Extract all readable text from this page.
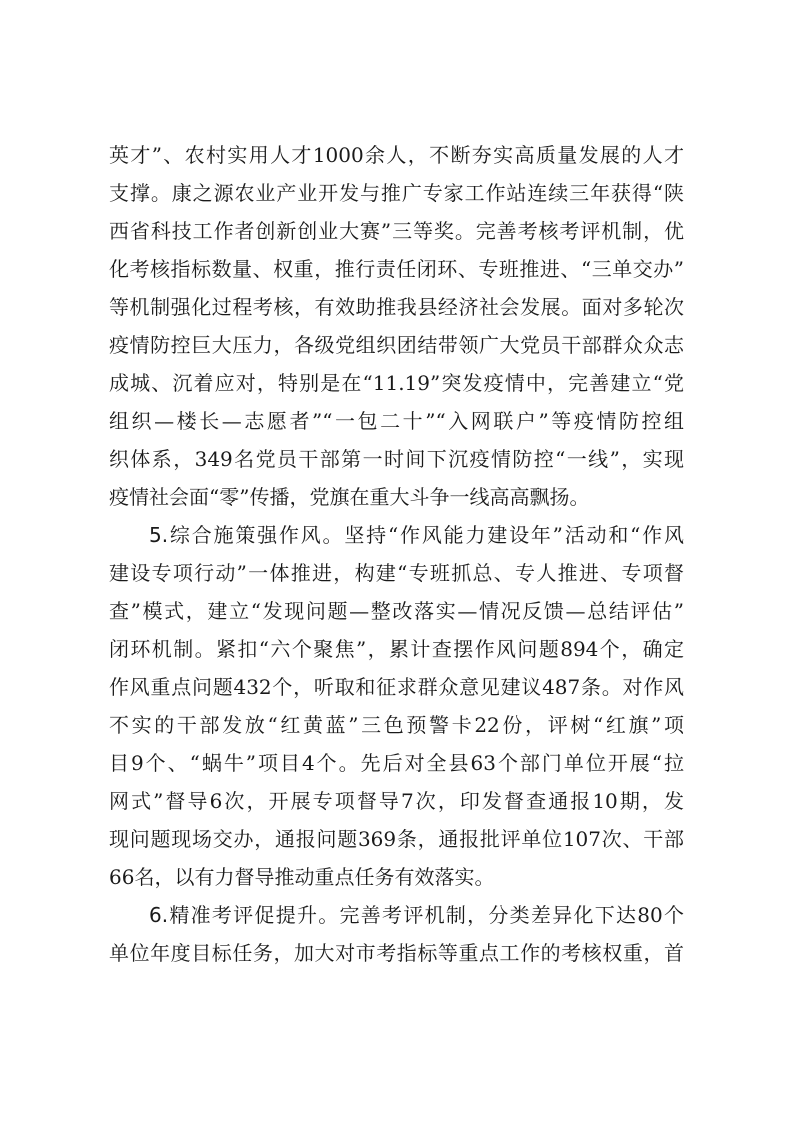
英才”、农村实用人才1000余人，不断夯实高质量发展的人才
支撑。康之源农业产业开发与推广专家工作站连续三年获得“陕
西省科技工作者创新创业大赛”三等奖。完善考核考评机制，优
化考核指标数量、权重，推行责任闭环、专班推进、“三单交办”
等机制强化过程考核，有效助推我县经济社会发展。面对多轮次
疫情防控巨大压力，各级党组织团结带领广大党员干部群众众志
成城、沉着应对，特别是在“11.19”突发疫情中，完善建立“党
组织—楼长—志愿者”“一包二十”“入网联户”等疫情防控组
织体系，349名党员干部第一时间下沉疫情防控“一线”，实现
疫情社会面“零”传播，党旗在重大斗争一线高高飘扬。
5.综合施策强作风。坚持“作风能力建设年”活动和“作风
建设专项行动”一体推进，构建“专班抓总、专人推进、专项督
查”模式，建立“发现问题—整改落实—情况反馈—总结评估”
闭环机制。紧扣“六个聚焦”，累计查摆作风问题894个，确定
作风重点问题432个，听取和征求群众意见建议487条。对作风
不实的干部发放“红黄蓝”三色预警卡22份，评树“红旗”项
目9个、“蜗牛”项目4个。先后对全县63个部门单位开展“拉
网式”督导6次，开展专项督导7次，印发督查通报10期，发
现问题现场交办，通报问题369条，通报批评单位107次、干部
66名，以有力督导推动重点任务有效落实。
6.精准考评促提升。完善考评机制，分类差异化下达80个
单位年度目标任务，加大对市考指标等重点工作的考核权重，首
